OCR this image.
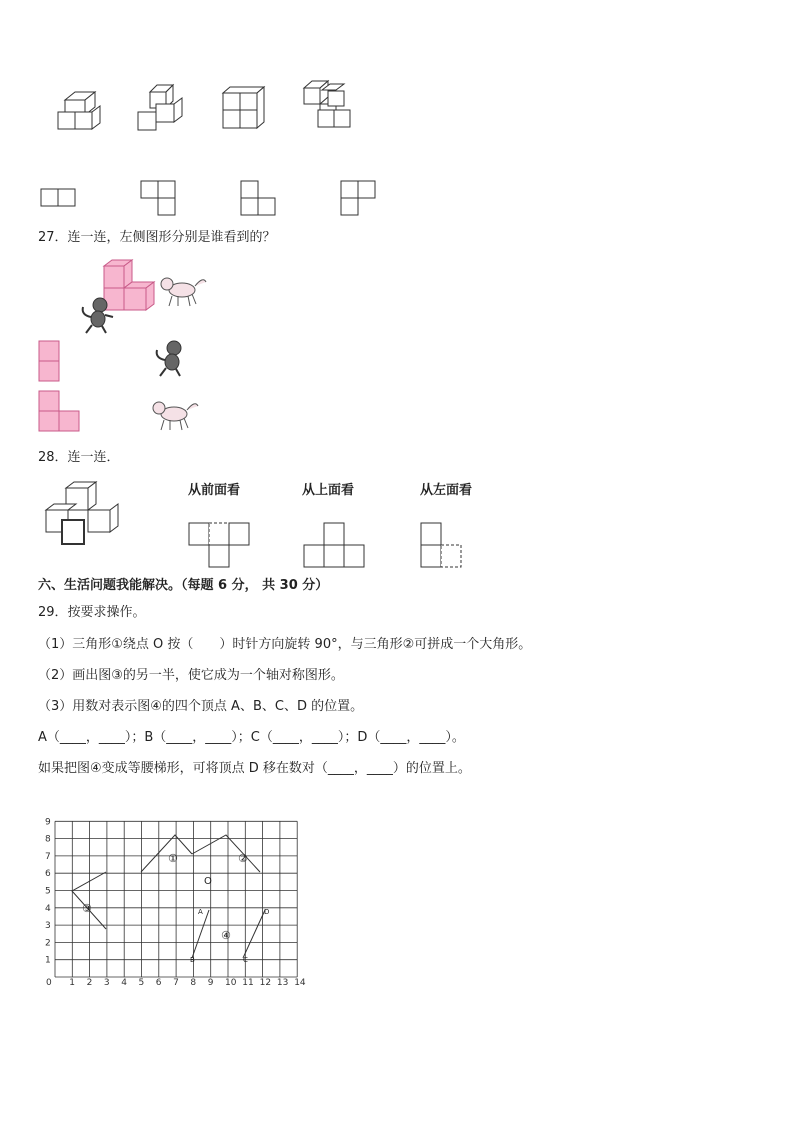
27．连一连，左侧图形分别是谁看到的？
28．连一连．
从前面看	从上面看	从左面看
六、生活问题我能解决。（每题 6 分， 共 30 分）
29．按要求操作。
（1）三角形①绕点 O 按（　　）时针方向旋转 90°，与三角形②可拼成一个大角形。
（2）画出图③的另一半，使它成为一个轴对称图形。
（3）用数对表示图④的四个顶点 A、B、C、D 的位置。
A（____，____）；B（____，____）；C（____，____）；D（____，____）。
如果把图④变成等腰梯形，可将顶点 D 移在数对（____，____）的位置上。
0 1 2 3 4 5 6 7 8 9 10 11 12 13 14
1
2
3
4
5
6
7
8
9
①	②
③
④
O
A
B	C
D
